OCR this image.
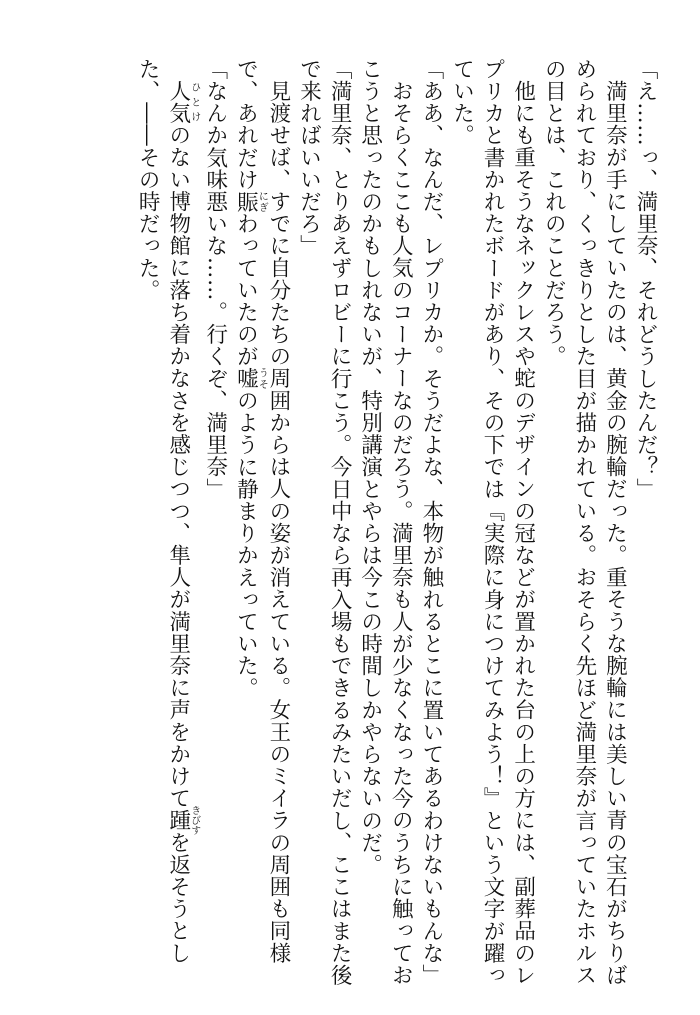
「え……っ、満里奈、それどうしたんだ？」

満里奈が手にしていたのは、黄金の腕輪だった。重そうな腕輪には美しい青の宝石がちりばめられており、くっきりとした目が描かれている。おそらく先ほど満里奈が言っていたホルスの目とは、これのことだろう。

他にも重そうなネックレスや蛇のデザインの冠などが置かれた台の上の方には、副葬品のレプリカと書かれたボードがあり、その下では『実際に身につけてみよう！』という文字が躍っていた。

「ああ、なんだ、レプリカか。そうだよな、本物が触れるとこに置いてあるわけないもんな」

おそらくここも人気のコーナーなのだろう。満里奈も人が少なくなった今のうちに触っておこうと思ったのかもしれないが、特別講演とやらは今この時間しかやらないのだ。

「満里奈、とりあえずロビーに行こう。今日中なら再入場もできるみたいだし、ここはまた後で来ればいいだろ」

見渡せば、すでに自分たちの周囲からは人の姿が消えている。女王のミイラの周囲も同様で、あれだけ賑にぎわっていたのが嘘うそのように静まりかえっていた。

「なんか気味悪いな……。行くぞ、満里奈」

人気ひとけのない博物館に落ち着かなさを感じつつ、隼人が満里奈に声をかけて踵きびすを返そうとした、――その時だった。
